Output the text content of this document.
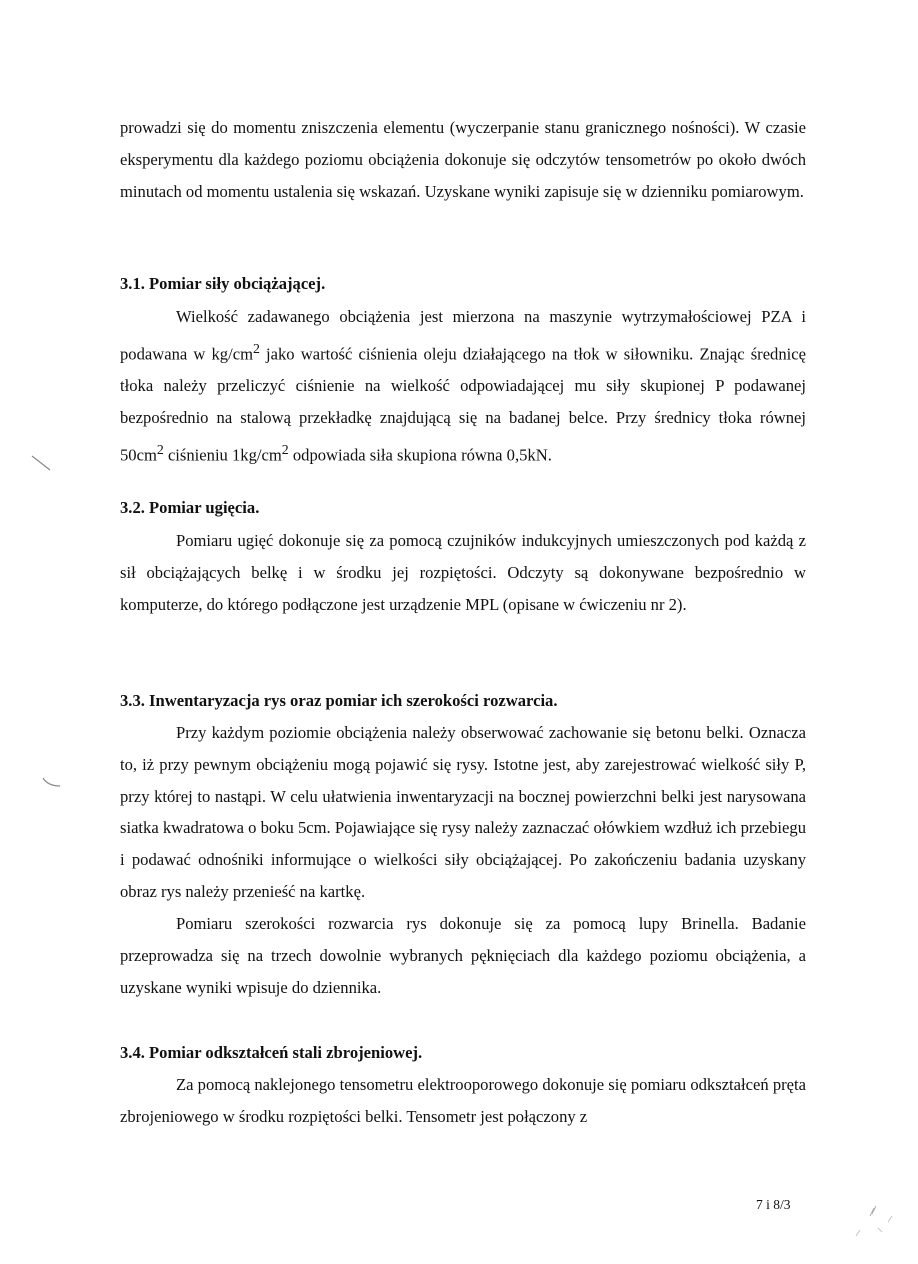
prowadzi się do momentu zniszczenia elementu (wyczerpanie stanu granicznego nośności). W czasie eksperymentu dla każdego poziomu obciążenia dokonuje się odczytów tensometrów po około dwóch minutach od momentu ustalenia się wskazań. Uzyskane wyniki zapisuje się w dzienniku pomiarowym.

3.1. Pomiar siły obciążającej.

Wielkość zadawanego obciążenia jest mierzona na maszynie wytrzymałościowej PZA i podawana w $kg/cm^2$ jako wartość ciśnienia oleju działającego na tłok w siłowniku. Znając średnicę tłoka należy przeliczyć ciśnienie na wielkość odpowiadającej mu siły skupionej P podawanej bezpośrednio na stalową przekładkę znajdującą się na badanej belce. Przy średnicy tłoka równej $50cm^2$ ciśnieniu $1kg/cm^2$ odpowiada siła skupiona równa 0,5kN.

3.2. Pomiar ugięcia.

Pomiaru ugięć dokonuje się za pomocą czujników indukcyjnych umieszczonych pod każdą z sił obciążających belkę i w środku jej rozpiętości. Odczyty są dokonywane bezpośrednio w komputerze, do którego podłączone jest urządzenie MPL (opisane w ćwiczeniu nr 2).

3.3. Inwentaryzacja rys oraz pomiar ich szerokości rozwarcia.

Przy każdym poziomie obciążenia należy obserwować zachowanie się betonu belki. Oznacza to, iż przy pewnym obciążeniu mogą pojawić się rysy. Istotne jest, aby zarejestrować wielkość siły P, przy której to nastąpi. W celu ułatwienia inwentaryzacji na bocznej powierzchni belki jest narysowana siatka kwadratowa o boku 5cm. Pojawiające się rysy należy zaznaczać ołówkiem wzdłuż ich przebiegu i podawać odnośniki informujące o wielkości siły obciążającej. Po zakończeniu badania uzyskany obraz rys należy przenieść na kartkę.

Pomiaru szerokości rozwarcia rys dokonuje się za pomocą lupy Brinella. Badanie przeprowadza się na trzech dowolnie wybranych pęknięciach dla każdego poziomu obciążenia, a uzyskane wyniki wpisuje do dziennika.

3.4. Pomiar odkształceń stali zbrojeniowej.

Za pomocą naklejonego tensometru elektrooporowego dokonuje się pomiaru odkształceń pręta zbrojeniowego w środku rozpiętości belki. Tensometr jest połączony z

7 i 8/3
